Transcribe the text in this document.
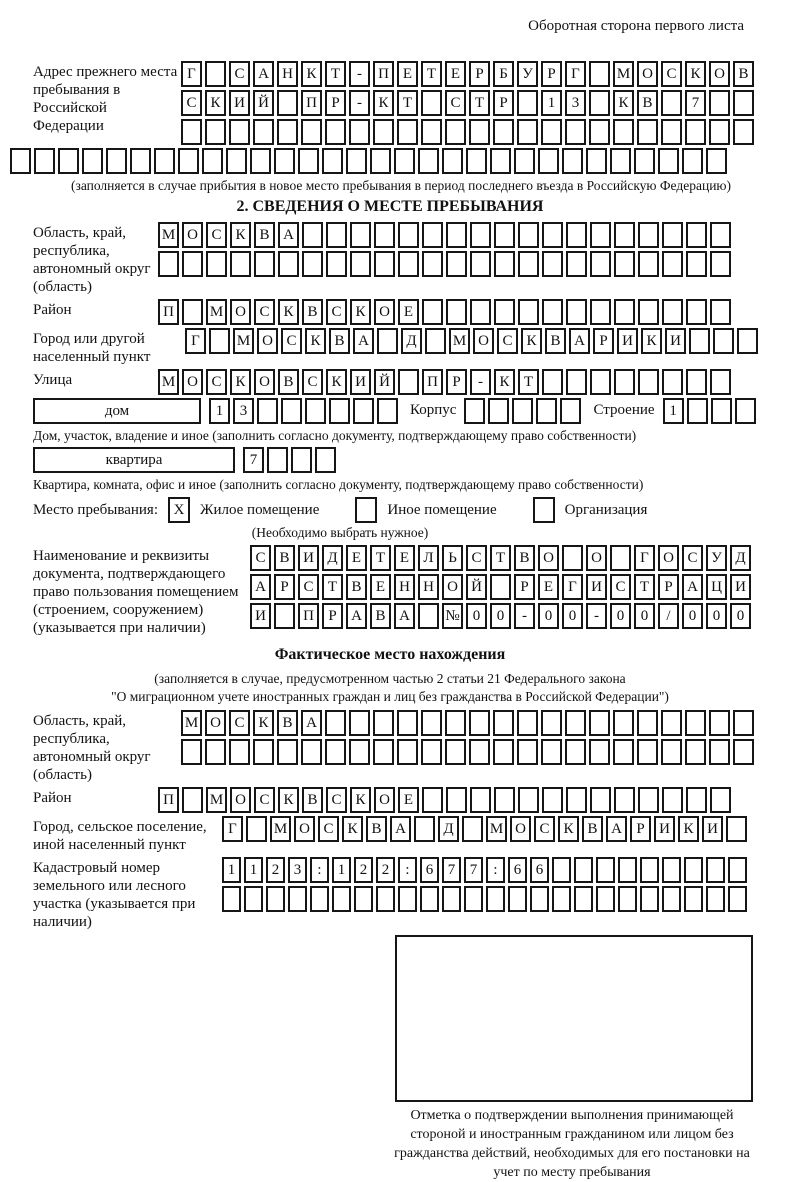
Оборотная сторона первого листа
Адрес прежнего места пребывания в Российской Федерации
Г	С А Н К Т	-	П Е Т Е	Р	Б У Р	Г	М О С К О В
С К И Й	П Р	-	К Т	С Т	Р	1	3	К В	7
(заполняется в случае прибытия в новое место пребывания в период последнего въезда в Российскую Федерацию)
2. СВЕДЕНИЯ О МЕСТЕ ПРЕБЫВАНИЯ
Область, край, республика, автономный округ (область)
М О С К В А
Район	П	М О С К В С К О Е
Город или другой населенный пункт
Г	М О С К В А	Д	М О С К В А Р И К И
Улица	М О С К О В С К И Й	П Р	-	К Т
дом	1	3	Корпус	Строение 1
Дом, участок, владение и иное (заполнить согласно документу, подтверждающему право собственности)
квартира	7
Квартира, комната, офис и иное (заполнить согласно документу, подтверждающему право собственности)
Место пребывания:	X	Жилое помещение	Иное помещение	Организация
(Необходимо выбрать нужное)
Наименование и реквизиты документа, подтверждающего право пользования помещением (строением, сооружением) (указывается при наличии)
С В И Д Е Т Е Л Ь С Т В О	О	Г О С У Д
А Р С Т В Е Н Н О Й	Р	Е	Г И С Т	Р А Ц И
И	П Р А В А	№ 0	0	-	0	0	-	0	0	/	0	0	0
Фактическое место нахождения
(заполняется в случае, предусмотренном частью 2 статьи 21 Федерального закона
"О миграционном учете иностранных граждан и лиц без гражданства в Российской Федерации")
Область, край, республика, автономный округ (область)
М О С К В А
Район	П	М О С К В С К О Е
Город, сельское поселение, иной населенный пункт
Г	М О С К В А	Д	М О С К В А Р И К И
Кадастровый номер земельного или лесного участка (указывается при наличии)
1 1 2 3	:	1 2 2	:	6 7 7	:	6 6
Отметка о подтверждении выполнения принимающей стороной и иностранным гражданином или лицом без гражданства действий, необходимых для его постановки на учет по месту пребывания
